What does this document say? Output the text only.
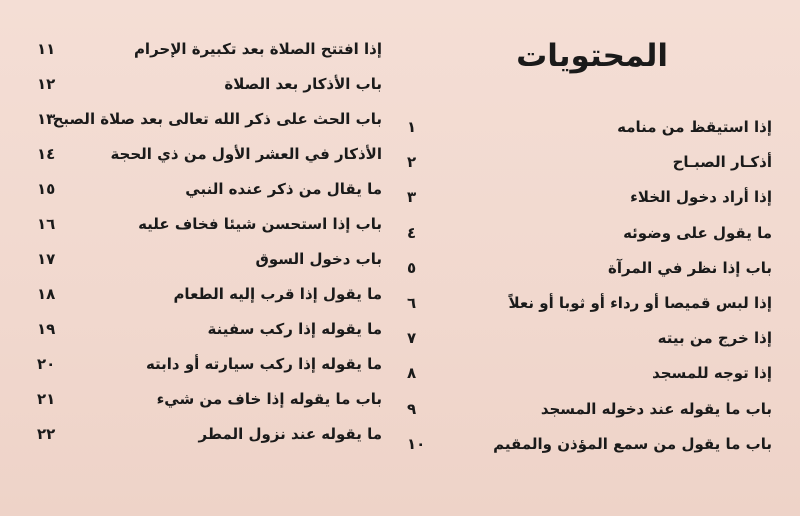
المحتويات
إذا استيقظ من منامه
١
أذكـار الصبـاح
٢
إذا أراد دخول الخلاء
٣
ما يقول على وضوئه
٤
باب إذا نظر في المرآة
٥
إذا لبس قميصا أو رداء أو ثوبا أو نعلاً
٦
إذا خرج من بيته
٧
إذا توجه للمسجد
٨
باب ما يقوله عند دخوله المسجد
٩
باب ما يقول من سمع المؤذن والمقيم
١٠
إذا افتتح الصلاة بعد تكبيرة الإحرام
١١
باب الأذكار بعد الصلاة
١٢
باب الحث على ذكر الله تعالى بعد صلاة الصبح
١٣
الأذكار في العشر الأول من ذي الحجة
١٤
ما يقال من ذكر عنده النبي
١٥
باب إذا استحسن شيئا فخاف عليه
١٦
باب دخول السوق
١٧
ما يقول إذا قرب إليه الطعام
١٨
ما يقوله إذا ركب سفينة
١٩
ما يقوله إذا ركب سيارته أو دابته
٢٠
باب ما يقوله إذا خاف من شيء
٢١
ما يقوله عند نزول المطر
٢٢
